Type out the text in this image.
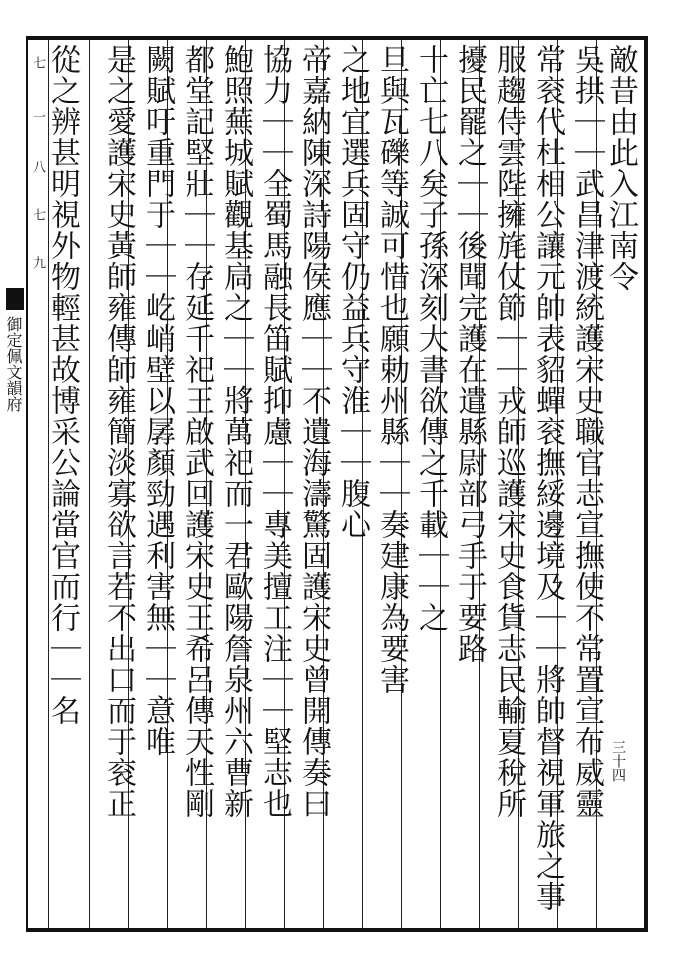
七
一
八
七
九
御定佩文韻府
三十四
敵昔由此入江南令
吳拱｜｜武昌津渡統護宋史職官志宣撫使不常置宣布威靈
常衮代杜相公讓元帥表貂蟬衮撫綏邊境及｜｜將帥督視軍旅之事
服趨侍雲陛擁旄仗節｜｜戎師巡護宋史食貨志民輸夏稅所
擾民罷之｜｜後聞完護在遣縣尉部弓手于要路
十亡七八矣子孫深刻大書欲傳之千載｜｜之
旦與瓦礫等誠可惜也願勅州縣｜｜奏建康為要害
之地宜選兵固守仍益兵守淮｜｜腹心
帝嘉納陳深詩陽侯應｜｜不遺海濤驚固護宋史曾開傳奏曰
協力｜｜全蜀馬融長笛賦抑慮｜｜專美擅工注｜｜堅志也
鮑照蕪城賦觀基扃之｜｜將萬祀而一君歐陽詹泉州六曹新
都堂記堅壯｜｜存延千祀王啟武回護宋史王希呂傳天性剛
闕賦吁重門于｜｜屹峭壁以孱顏勁遇利害無｜｜意唯
是之愛護宋史黃師雍傳師雍簡淡寡欲言若不出口而于衮正
從之辨甚明視外物輕甚故博采公論當官而行｜｜名
